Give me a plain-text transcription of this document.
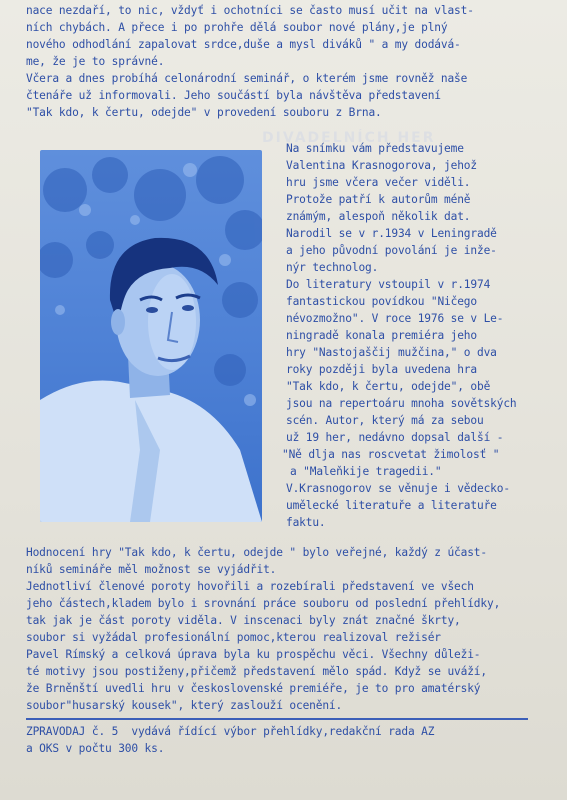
DIVADELNÍCH HER
nace nezdaří, to nic, vždyť i ochotníci se často musí učit na vlast-
ních chybách. A přece i po prohře dělá soubor nové plány,je plný
nového odhodlání zapalovat srdce,duše a mysl diváků " a my dodává-
me, že je to správné.
Včera a dnes probíhá celonárodní seminář, o kterém jsme rovněž naše
čtenáře už informovali. Jeho součástí byla návštěva představení
"Tak kdo, k čertu, odejde" v provedení souboru z Brna.
Na snímku vám představujeme
Valentina Krasnogorova, jehož
hru jsme včera večer viděli.
Protože patří k autorům méně
známým, alespoň několik dat.
Narodil se v r.1934 v Leningradě
a jeho původní povolání je inže-
nýr technolog.
Do literatury vstoupil v r.1974
fantastickou povídkou "Ničego
névozmožno". V roce 1976 se v Le-
ningradě konala premiéra jeho
hry "Nastojaščij mužčina," o dva
roky později byla uvedena hra
"Tak kdo, k čertu, odejde", obě
jsou na repertoáru mnoha sovětských
scén. Autor, který má za sebou
už 19 her, nedávno dopsal další -
"Ně dlja nas roscvetat žimolosť "
a "Maleňkije tragedii."
V.Krasnogorov se věnuje i vědecko-
umělecké literatuře a literatuře
faktu.
Hodnocení hry "Tak kdo, k čertu, odejde " bylo veřejné, každý z účast-
níků semináře měl možnost se vyjádřit.
Jednotliví členové poroty hovořili a rozebírali představení ve všech
jeho částech,kladem bylo i srovnání práce souboru od poslední přehlídky,
tak jak je část poroty viděla. V inscenaci byly znát značné škrty,
soubor si vyžádal profesionální pomoc,kterou realizoval režisér
Pavel Rímský a celková úprava byla ku prospěchu věci. Všechny důleži-
té motivy jsou postiženy,přičemž představení mělo spád. Když se uváží,
že Brněnští uvedli hru v československé premiéře, je to pro amatérský
soubor"husarský kousek", který zaslouží ocenění.
ZPRAVODAJ č. 5  vydává řídící výbor přehlídky,redakční rada AZ
a OKS v počtu 300 ks.
